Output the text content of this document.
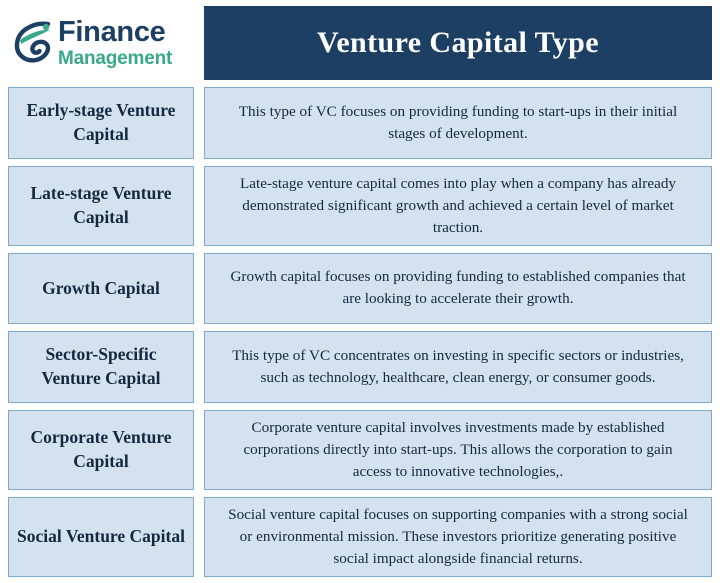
Finance
Management	Venture Capital Type
Early-stage Venture Capital
This type of VC focuses on providing funding to start-ups in their initial stages of development.
Late-stage Venture Capital
Late-stage venture capital comes into play when a company has already demonstrated significant growth and achieved a certain level of market traction.
Growth Capital
Growth capital focuses on providing funding to established companies that are looking to accelerate their growth.
Sector-Specific Venture Capital
This type of VC concentrates on investing in specific sectors or industries, such as technology, healthcare, clean energy, or consumer goods.
Corporate Venture Capital
Corporate venture capital involves investments made by established corporations directly into start-ups. This allows the corporation to gain access to innovative technologies,.
Social Venture Capital
Social venture capital focuses on supporting companies with a strong social or environmental mission. These investors prioritize generating positive social impact alongside financial returns.
